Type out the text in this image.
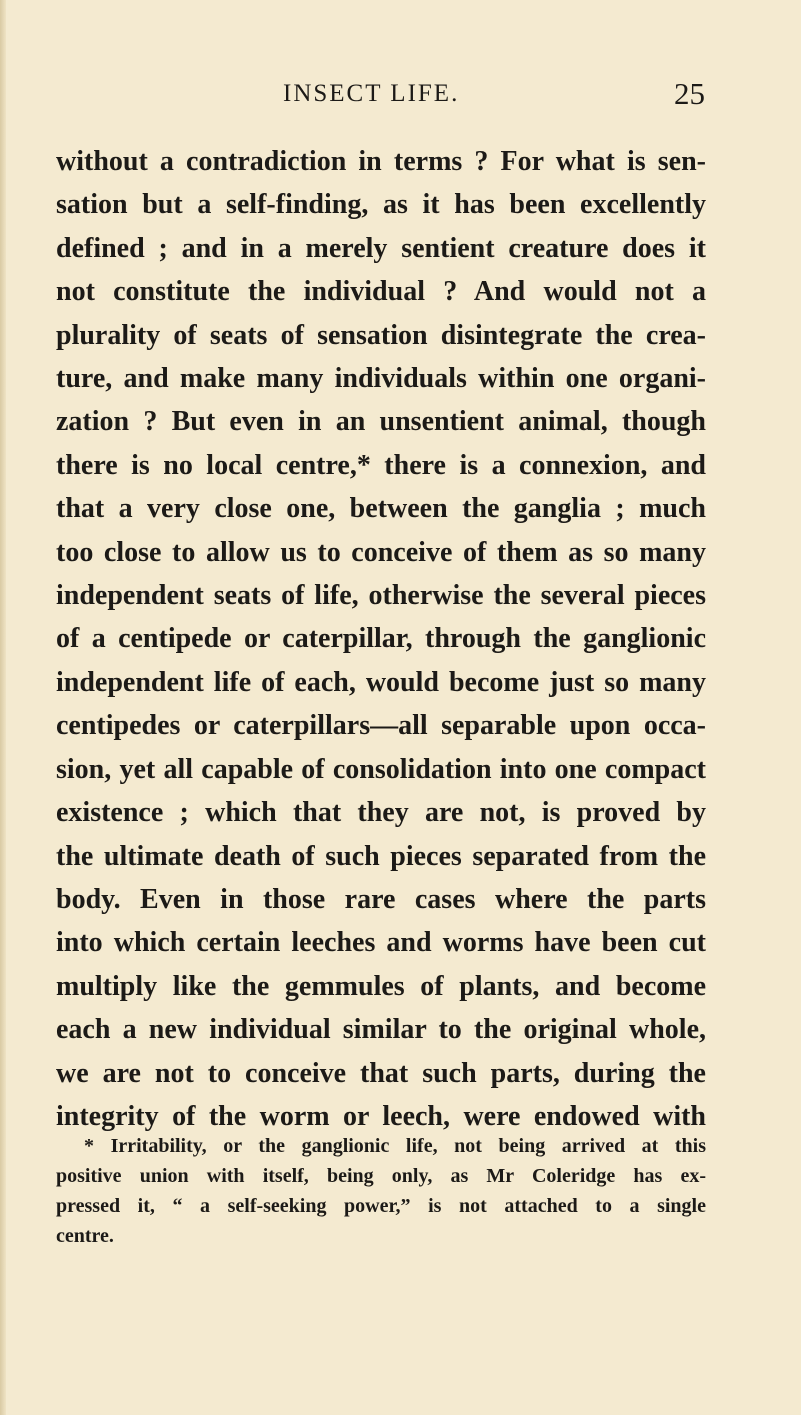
INSECT LIFE.	25
without a contradiction in terms ? For what is sen-
sation but a self-finding, as it has been excellently
defined ; and in a merely sentient creature does it
not constitute the individual ? And would not a
plurality of seats of sensation disintegrate the crea-
ture, and make many individuals within one organi-
zation ? But even in an unsentient animal, though
there is no local centre,* there is a connexion, and
that a very close one, between the ganglia ; much
too close to allow us to conceive of them as so many
independent seats of life, otherwise the several pieces
of a centipede or caterpillar, through the ganglionic
independent life of each, would become just so many
centipedes or caterpillars—all separable upon occa-
sion, yet all capable of consolidation into one compact
existence ; which that they are not, is proved by
the ultimate death of such pieces separated from the
body. Even in those rare cases where the parts
into which certain leeches and worms have been cut
multiply like the gemmules of plants, and become
each a new individual similar to the original whole,
we are not to conceive that such parts, during the
integrity of the worm or leech, were endowed with
* Irritability, or the ganglionic life, not being arrived at this
positive union with itself, being only, as Mr Coleridge has ex-
pressed it, “ a self-seeking power,” is not attached to a single
centre.
